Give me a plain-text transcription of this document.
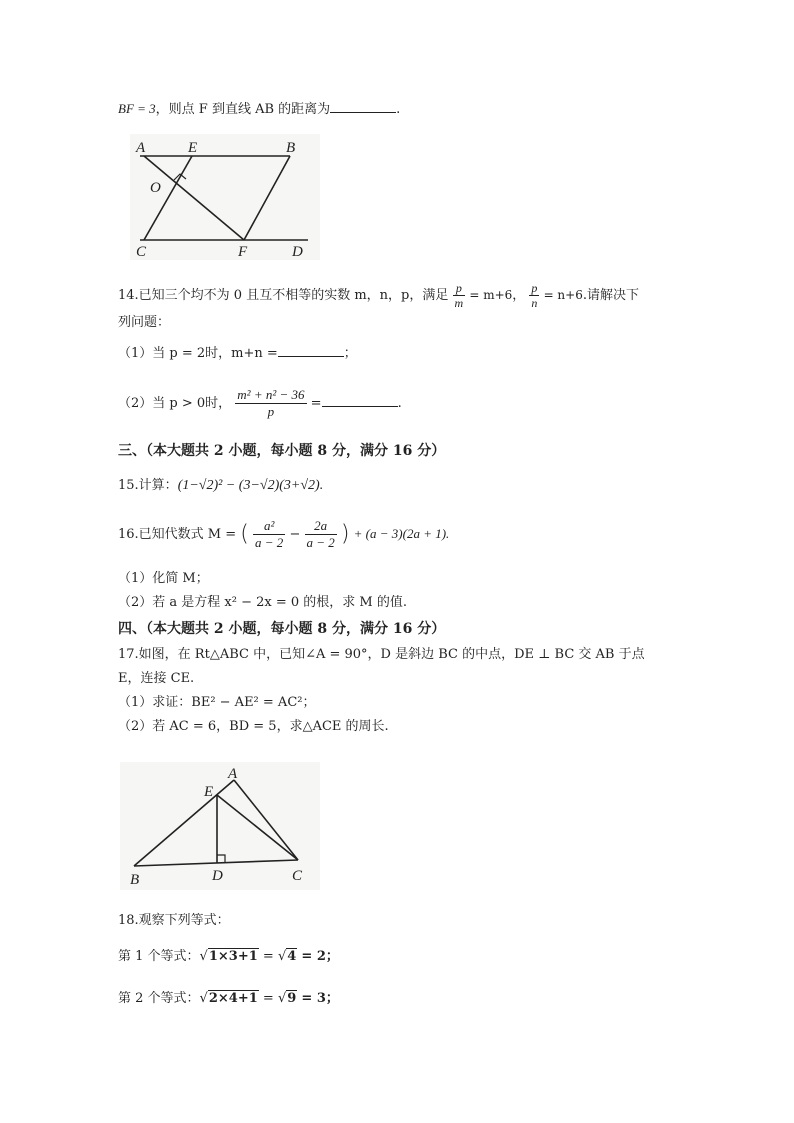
BF = 3，则点 F 到直线 AB 的距离为	.
A	E	B
O
C	F	D
14.已知三个均不为 0 且互不相等的实数 m，n，p，满足 $\frac{p}{m} = m+6$， $\frac{p}{n} = n+6$.请解决下
列问题：
（1）当 p = 2时，m+n =	；
（2）当 p > 0时， $\frac{\text{m² + n² − 36}}{p}$ =	.
三、（本大题共 2 小题，每小题 8 分，满分 16 分）
15.计算：(1−√2)² − (3−√2)(3+√2).
16.已知代数式 M = ( $\frac{\text{a²}}{a - 2} - \frac{2a}{a - 2}$ ) + (a − 3)(2a + 1).
（1）化简 M；
（2）若 a 是方程 x² − 2x = 0 的根，求 M 的值.
四、（本大题共 2 小题，每小题 8 分，满分 16 分）
17.如图，在 Rt△ABC 中，已知∠A = 90°，D 是斜边 BC 的中点，DE ⊥ BC 交 AB 于点
E，连接 CE.
（1）求证：BE² − AE² = AC²；
（2）若 AC = 6，BD = 5，求△ACE 的周长.
A
E
B	D	C
18.观察下列等式：
第 1 个等式：√1×3+1 = √4 = 2；
第 2 个等式：√2×4+1 = √9 = 3；
